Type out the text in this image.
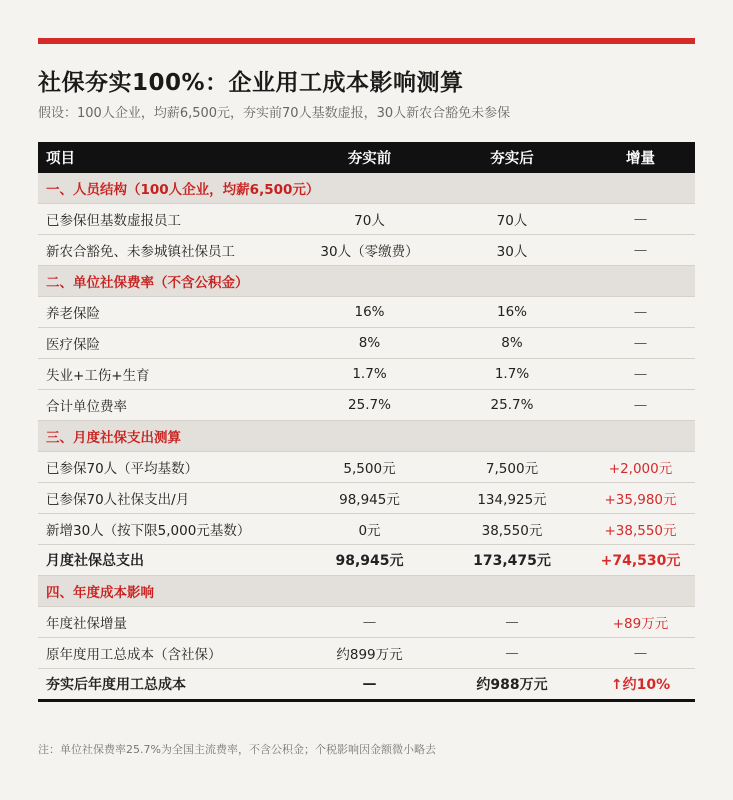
社保夯实100%：企业用工成本影响测算
假设：100人企业，均薪6,500元，夯实前70人基数虚报，30人新农合豁免未参保
项目	夯实前	夯实后	增量
一、人员结构（100人企业，均薪6,500元）			
已参保但基数虚报员工	70人	70人	—
新农合豁免、未参城镇社保员工	30人（零缴费）	30人	—
二、单位社保费率（不含公积金）			
养老保险	16%	16%	—
医疗保险	8%	8%	—
失业+工伤+生育	1.7%	1.7%	—
合计单位费率	25.7%	25.7%	—
三、月度社保支出测算			
已参保70人（平均基数）	5,500元	7,500元	+2,000元
已参保70人社保支出/月	98,945元	134,925元	+35,980元
新增30人（按下限5,000元基数）	0元	38,550元	+38,550元
月度社保总支出	98,945元	173,475元	+74,530元
四、年度成本影响			
年度社保增量	—	—	+89万元
原年度用工总成本（含社保）	约899万元	—	—
夯实后年度用工总成本	—	约988万元	↑约10%
注：单位社保费率25.7%为全国主流费率，不含公积金；个税影响因金额微小略去
